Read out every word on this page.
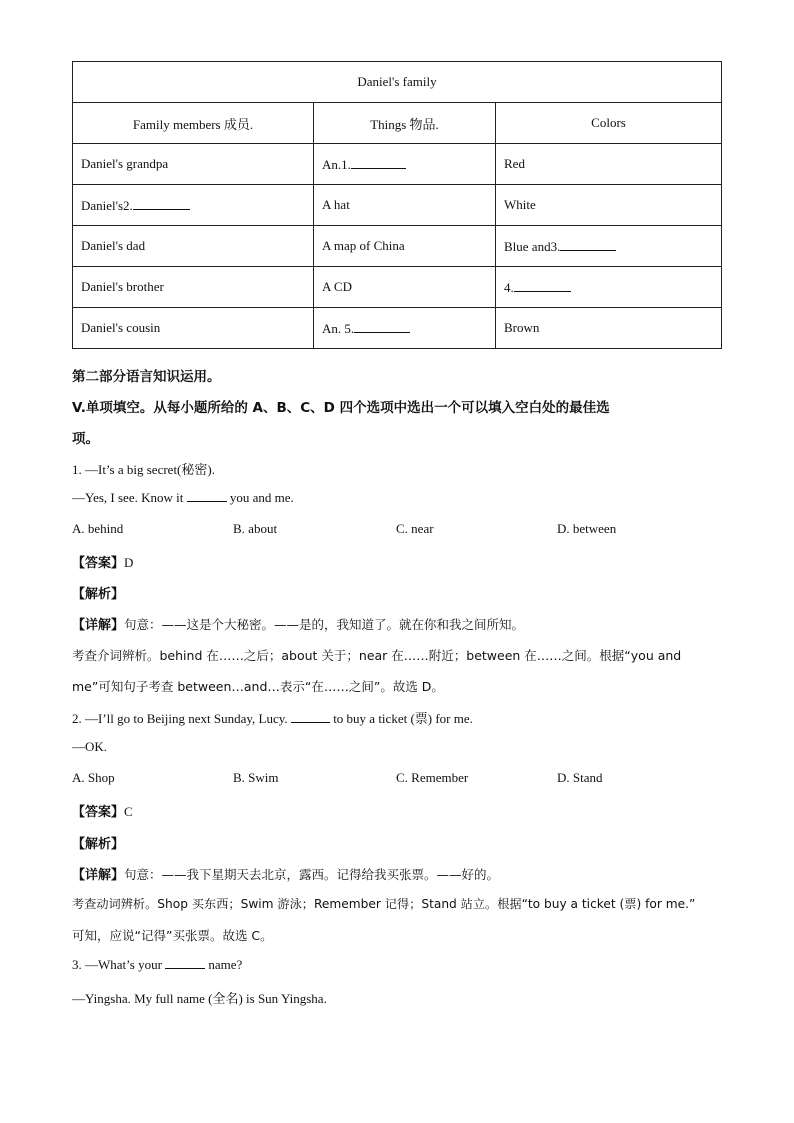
Daniel's family		
Family members 成员.	Things 物品.	Colors
Daniel's grandpa	An.1.	Red
Daniel's2.	A hat	White
Daniel's dad	A map of China	Blue and3.
Daniel's brother	A CD	4.
Daniel's cousin	An. 5.	Brown
第二部分语言知识运用。
V.单项填空。从每小题所给的 A、B、C、D 四个选项中选出一个可以填入空白处的最佳选
项。
1. —It’s a big secret(秘密).
—Yes, I see. Know it	you and me.
A. behind	B. about	C. near	D. between
【答案】D
【解析】
【详解】句意：——这是个大秘密。——是的，我知道了。就在你和我之间所知。
考查介词辨析。behind 在……之后；about 关于；near 在……附近；between 在……之间。根据“you and
me”可知句子考查 between…and…表示“在……之间”。故选 D。
2. —I’ll go to Beijing next Sunday, Lucy.	to buy a ticket (票) for me.
—OK.
A. Shop	B. Swim	C. Remember	D. Stand
【答案】C
【解析】
【详解】句意：——我下星期天去北京，露西。记得给我买张票。——好的。
考查动词辨析。Shop 买东西；Swim 游泳；Remember 记得；Stand 站立。根据“to buy a ticket (票) for me.”
可知，应说“记得”买张票。故选 C。
3. —What’s your	name?
—Yingsha. My full name (全名) is Sun Yingsha.
